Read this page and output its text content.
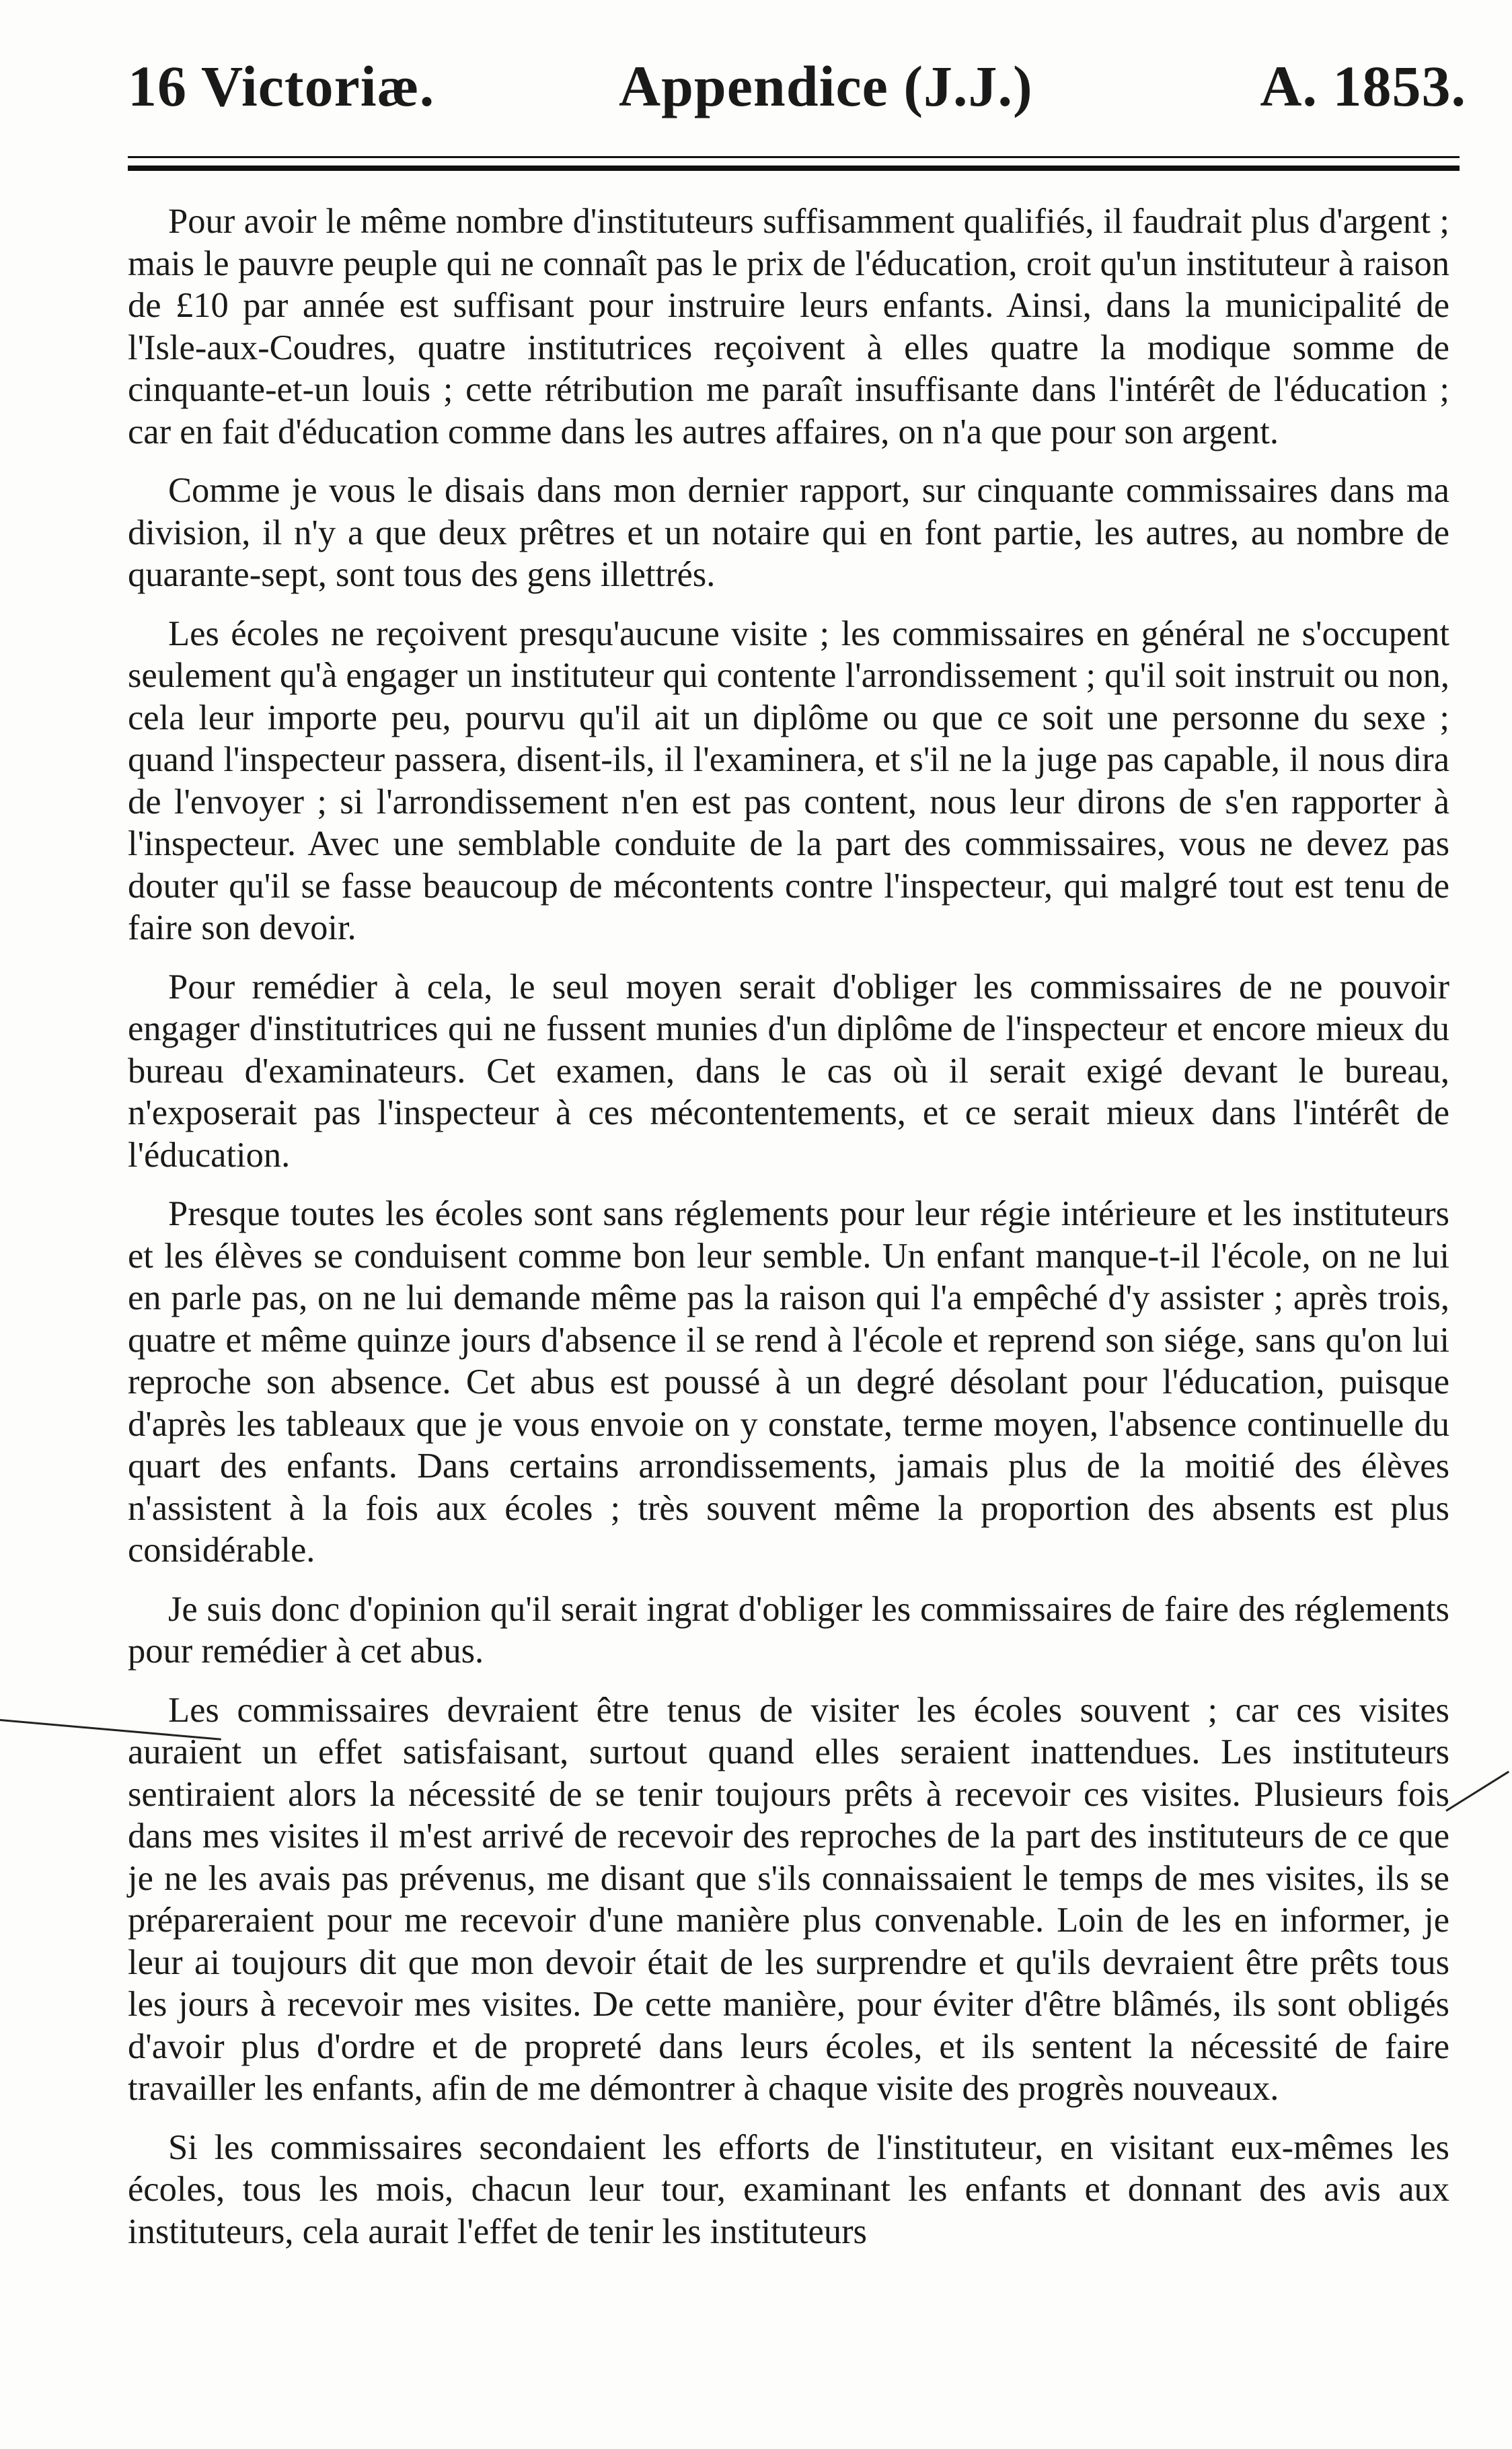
16 Victoriæ.	Appendice (J.J.)	A. 1853.

Pour avoir le même nombre d'instituteurs suffisamment qualifiés, il faudrait plus d'argent ; mais le pauvre peuple qui ne connaît pas le prix de l'éducation, croit qu'un instituteur à raison de £10 par année est suffisant pour instruire leurs enfants. Ainsi, dans la municipalité de l'Isle-aux-Coudres, quatre institutrices reçoivent à elles quatre la modique somme de cinquante-et-un louis ; cette rétribution me paraît insuffisante dans l'intérêt de l'éducation ; car en fait d'éducation comme dans les autres affaires, on n'a que pour son argent.

Comme je vous le disais dans mon dernier rapport, sur cinquante commissaires dans ma division, il n'y a que deux prêtres et un notaire qui en font partie, les autres, au nombre de quarante-sept, sont tous des gens illettrés.

Les écoles ne reçoivent presqu'aucune visite ; les commissaires en général ne s'occupent seulement qu'à engager un instituteur qui contente l'arrondissement ; qu'il soit instruit ou non, cela leur importe peu, pourvu qu'il ait un diplôme ou que ce soit une personne du sexe ; quand l'inspecteur passera, disent-ils, il l'examinera, et s'il ne la juge pas capable, il nous dira de l'envoyer ; si l'arrondissement n'en est pas content, nous leur dirons de s'en rapporter à l'inspecteur. Avec une semblable conduite de la part des commissaires, vous ne devez pas douter qu'il se fasse beaucoup de mécontents contre l'inspecteur, qui malgré tout est tenu de faire son devoir.

Pour remédier à cela, le seul moyen serait d'obliger les commissaires de ne pouvoir engager d'institutrices qui ne fussent munies d'un diplôme de l'inspecteur et encore mieux du bureau d'examinateurs. Cet examen, dans le cas où il serait exigé devant le bureau, n'exposerait pas l'inspecteur à ces mécontentements, et ce serait mieux dans l'intérêt de l'éducation.

Presque toutes les écoles sont sans réglements pour leur régie intérieure et les instituteurs et les élèves se conduisent comme bon leur semble. Un enfant manque-t-il l'école, on ne lui en parle pas, on ne lui demande même pas la raison qui l'a empêché d'y assister ; après trois, quatre et même quinze jours d'absence il se rend à l'école et reprend son siége, sans qu'on lui reproche son absence. Cet abus est poussé à un degré désolant pour l'éducation, puisque d'après les tableaux que je vous envoie on y constate, terme moyen, l'absence continuelle du quart des enfants. Dans certains arrondissements, jamais plus de la moitié des élèves n'assistent à la fois aux écoles ; très souvent même la proportion des absents est plus considérable.

Je suis donc d'opinion qu'il serait ingrat d'obliger les commissaires de faire des réglements pour remédier à cet abus.

Les commissaires devraient être tenus de visiter les écoles souvent ; car ces visites auraient un effet satisfaisant, surtout quand elles seraient inattendues. Les instituteurs sentiraient alors la nécessité de se tenir toujours prêts à recevoir ces visites. Plusieurs fois dans mes visites il m'est arrivé de recevoir des reproches de la part des instituteurs de ce que je ne les avais pas prévenus, me disant que s'ils connaissaient le temps de mes visites, ils se prépareraient pour me recevoir d'une manière plus convenable. Loin de les en informer, je leur ai toujours dit que mon devoir était de les surprendre et qu'ils devraient être prêts tous les jours à recevoir mes visites. De cette manière, pour éviter d'être blâmés, ils sont obligés d'avoir plus d'ordre et de propreté dans leurs écoles, et ils sentent la nécessité de faire travailler les enfants, afin de me démontrer à chaque visite des progrès nouveaux.

Si les commissaires secondaient les efforts de l'instituteur, en visitant eux-mêmes les écoles, tous les mois, chacun leur tour, examinant les enfants et donnant des avis aux instituteurs, cela aurait l'effet de tenir les instituteurs
